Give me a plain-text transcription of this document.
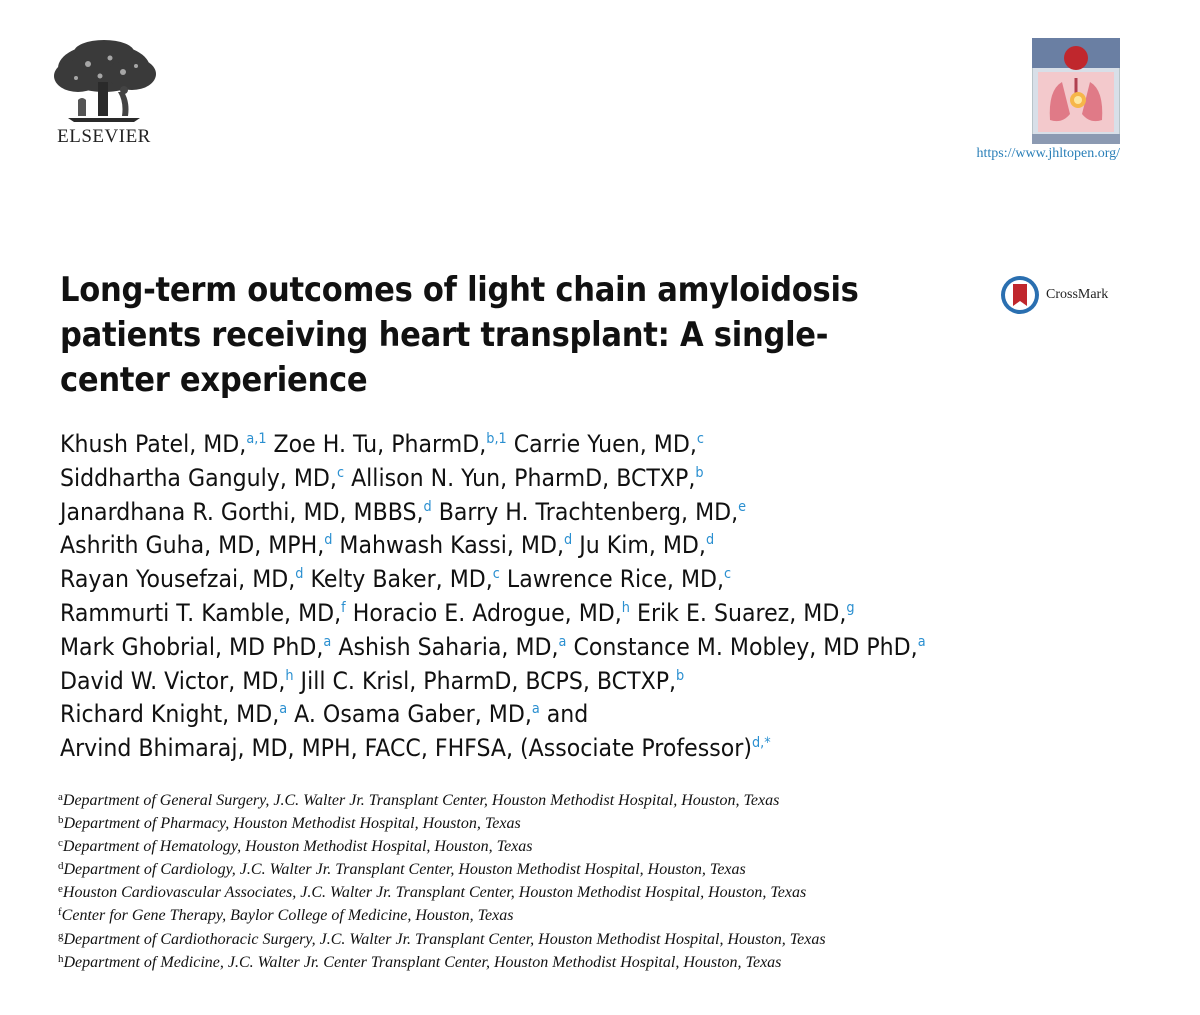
ELSEVIER
https://www.jhltopen.org/
Long-term outcomes of light chain amyloidosis patients receiving heart transplant: A single-center experience
CrossMark
Khush Patel, MD,$^{a,1}$ Zoe H. Tu, PharmD,$^{b,1}$ Carrie Yuen, MD,$^c$
Siddhartha Ganguly, MD,$^c$ Allison N. Yun, PharmD, BCTXP,$^b$
Janardhana R. Gorthi, MD, MBBS,$^d$ Barry H. Trachtenberg, MD,$^e$
Ashrith Guha, MD, MPH,$^d$ Mahwash Kassi, MD,$^d$ Ju Kim, MD,$^d$
Rayan Yousefzai, MD,$^d$ Kelty Baker, MD,$^c$ Lawrence Rice, MD,$^c$
Rammurti T. Kamble, MD,$^f$ Horacio E. Adrogue, MD,$^h$ Erik E. Suarez, MD,$^g$
Mark Ghobrial, MD PhD,$^a$ Ashish Saharia, MD,$^a$ Constance M. Mobley, MD PhD,$^a$
David W. Victor, MD,$^h$ Jill C. Krisl, PharmD, BCPS, BCTXP,$^b$
Richard Knight, MD,$^a$ A. Osama Gaber, MD,$^a$ and
Arvind Bhimaraj, MD, MPH, FACC, FHFSA, (Associate Professor)$^{d,*}$
$^a$Department of General Surgery, J.C. Walter Jr. Transplant Center, Houston Methodist Hospital, Houston, Texas
$^b$Department of Pharmacy, Houston Methodist Hospital, Houston, Texas
$^c$Department of Hematology, Houston Methodist Hospital, Houston, Texas
$^d$Department of Cardiology, J.C. Walter Jr. Transplant Center, Houston Methodist Hospital, Houston, Texas
$^e$Houston Cardiovascular Associates, J.C. Walter Jr. Transplant Center, Houston Methodist Hospital, Houston, Texas
$^f$Center for Gene Therapy, Baylor College of Medicine, Houston, Texas
$^g$Department of Cardiothoracic Surgery, J.C. Walter Jr. Transplant Center, Houston Methodist Hospital, Houston, Texas
$^h$Department of Medicine, J.C. Walter Jr. Center Transplant Center, Houston Methodist Hospital, Houston, Texas
